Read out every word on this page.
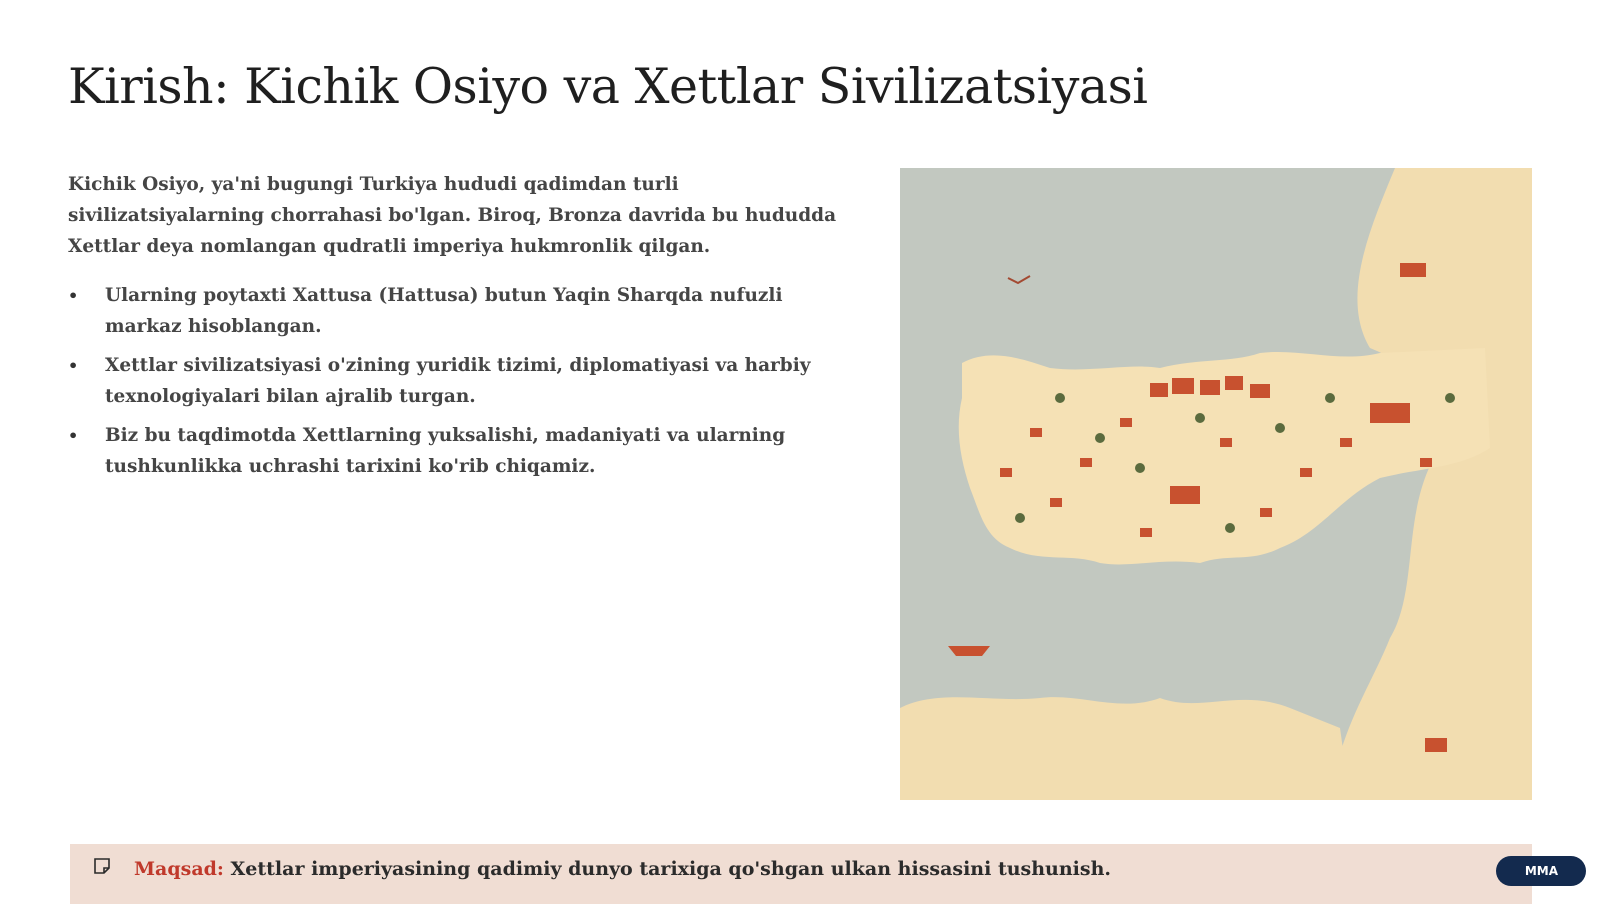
Kirish: Kichik Osiyo va Xettlar Sivilizatsiyasi

Kichik Osiyo, ya'ni bugungi Turkiya hududi qadimdan turli sivilizatsiyalarning chorrahasi bo'lgan. Biroq, Bronza davrida bu hududda Xettlar deya nomlangan qudratli imperiya hukmronlik qilgan.

• Ularning poytaxti Xattusa (Hattusa) butun Yaqin Sharqda nufuzli markaz hisoblangan.
• Xettlar sivilizatsiyasi o'zining yuridik tizimi, diplomatiyasi va harbiy texnologiyalari bilan ajralib turgan.
• Biz bu taqdimotda Xettlarning yuksalishi, madaniyati va ularning tushkunlikka uchrashi tarixini ko'rib chiqamiz.
Maqsad: Xettlar imperiyasining qadimiy dunyo tarixiga qo'shgan ulkan hissasini tushunish.	MMA
